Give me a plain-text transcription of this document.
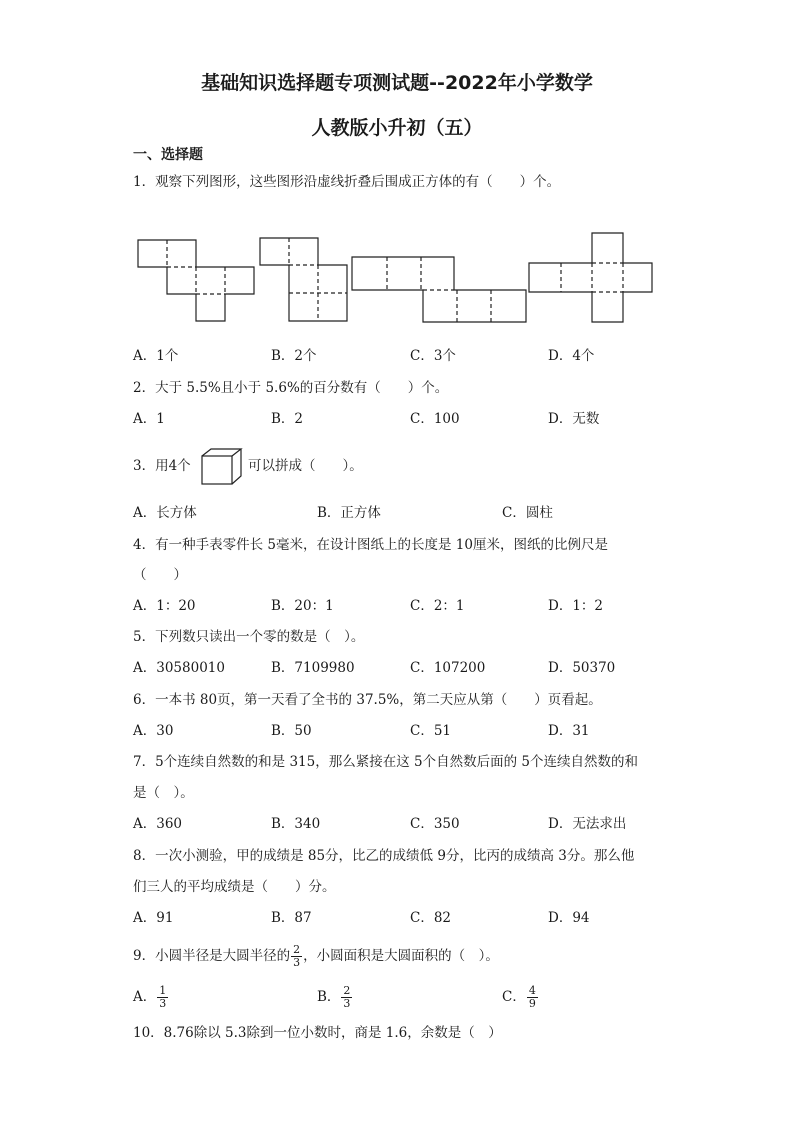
基础知识选择题专项测试题--2022年小学数学
人教版小升初（五）
一、选择题
1．观察下列图形，这些图形沿虚线折叠后围成正方体的有（　　）个。
A．1个	B．2个	C．3个	D．4个
2．大于 5.5%且小于 5.6%的百分数有（　　）个。
A．1	B．2	C．100	D．无数
3．用4个	可以拼成（　　）。
A．长方体	B．正方体	C．圆柱
4．有一种手表零件长 5毫米，在设计图纸上的长度是 10厘米，图纸的比例尺是
（　　）
A．1：20	B．20：1	C．2：1	D．1：2
5．下列数只读出一个零的数是（　）。
A．30580010	B．7109980	C．107200	D．50370
6．一本书 80页，第一天看了全书的 37.5%，第二天应从第（　　）页看起。
A．30	B．50	C．51	D．31
7．5个连续自然数的和是 315，那么紧接在这 5个自然数后面的 5个连续自然数的和
是（　）。
A．360	B．340	C．350	D．无法求出
8．一次小测验，甲的成绩是 85分，比乙的成绩低 9分，比丙的成绩高 3分。那么他
们三人的平均成绩是（　　）分。
A．91	B．87	C．82	D．94
9．小圆半径是大圆半径的 $\frac{2}{3}$ ，小圆面积是大圆面积的（　）。
A． $\frac{1}{3}$	B． $\frac{2}{3}$	C． $\frac{4}{9}$
10．8.76除以 5.3除到一位小数时，商是 1.6，余数是（　）
